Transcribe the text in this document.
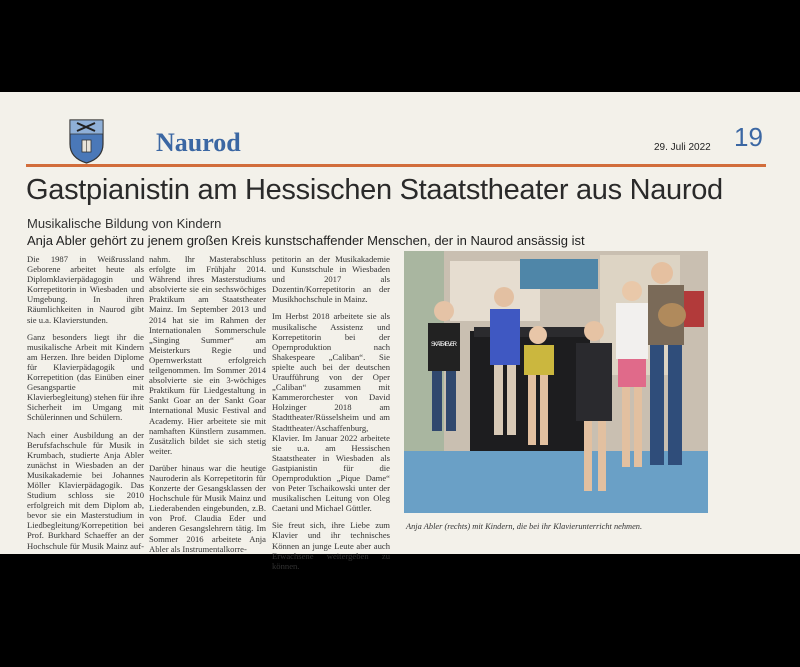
Naurod	29. Juli 2022 19
Gastpianistin am Hessischen Staatstheater aus Naurod
Musikalische Bildung von Kindern
Anja Abler gehört zu jenem großen Kreis kunstschaffender Menschen, der in Naurod ansässig ist

Die 1987 in Weißrussland Geborene arbeitet heute als Diplomklavierpädagogin und Korrepetitorin in Wiesbaden und Umgebung. In ihren Räumlichkeiten in Naurod gibt sie u.a. Klavierstunden.

Ganz besonders liegt ihr die musikalische Arbeit mit Kindern am Herzen. Ihre beiden Diplome für Klavierpädagogik und Korrepetition (das Einüben einer Gesangspartie mit Klavierbegleitung) stehen für ihre Sicherheit im Umgang mit Schülerinnen und Schülern.

Nach einer Ausbildung an der Berufsfachschule für Musik in Krumbach, studierte Anja Abler zunächst in Wiesbaden an der Musikakademie bei Johannes Möller Klavierpädagogik. Das Studium schloss sie 2010 erfolgreich mit dem Diplom ab, bevor sie ein Masterstudium in Liedbegleitung/Korrepetition bei Prof. Burkhard Schaeffer an der Hochschule für Musik Mainz auf-

nahm. Ihr Masterabschluss erfolgte im Frühjahr 2014. Während ihres Masterstudiums absolvierte sie ein sechswöchiges Praktikum am Staatstheater Mainz. Im September 2013 und 2014 hat sie im Rahmen der Internationalen Sommerschule „Singing Summer“ am Meisterkurs Regie und Opernwerkstatt erfolgreich teilgenommen. Im Sommer 2014 absolvierte sie ein 3-wöchiges Praktikum für Liedgestaltung in Sankt Goar an der Sankt Goar International Music Festival and Academy. Hier arbeitete sie mit namhaften Künstlern zusammen. Zusätzlich bildet sie sich stetig weiter.

Darüber hinaus war die heutige Nauroderin als Korrepetitorin für Konzerte der Gesangsklassen der Hochschule für Musik Mainz und Liederabenden eingebunden, z.B. von Prof. Claudia Eder und anderen Gesangslehrern tätig. Im Sommer 2016 arbeitete Anja Abler als Instrumentalkorre-

petitorin an der Musikakademie und Kunstschule in Wiesbaden und 2017 als Dozentin/Korrepetitorin an der Musikhochschule in Mainz.

Im Herbst 2018 arbeitete sie als musikalische Assistenz und Korrepetitorin bei der Opernproduktion nach Shakespeare „Caliban“. Sie spielte auch bei der deutschen Uraufführung von der Oper „Caliban“ zusammen mit Kammerorchester von David Holzinger 2018 am Stadttheater/Rüsselsheim und am Stadttheater/Aschaffenburg, Klavier. Im Januar 2022 arbeitete sie u.a. am Hessischen Staatstheater in Wiesbaden als Gastpianistin für die Opernproduktion „Pique Dame“ von Peter Tschaikowski unter der musikalischen Leitung von Oleg Caetani und Michael Güttler.

Sie freut sich, ihre Liebe zum Klavier und ihr technisches Können an junge Leute aber auch Erwachsene weitergeben zu können.

SKATE 4EVER
Anja Abler (rechts) mit Kindern, die bei ihr Klavierunterricht nehmen.
